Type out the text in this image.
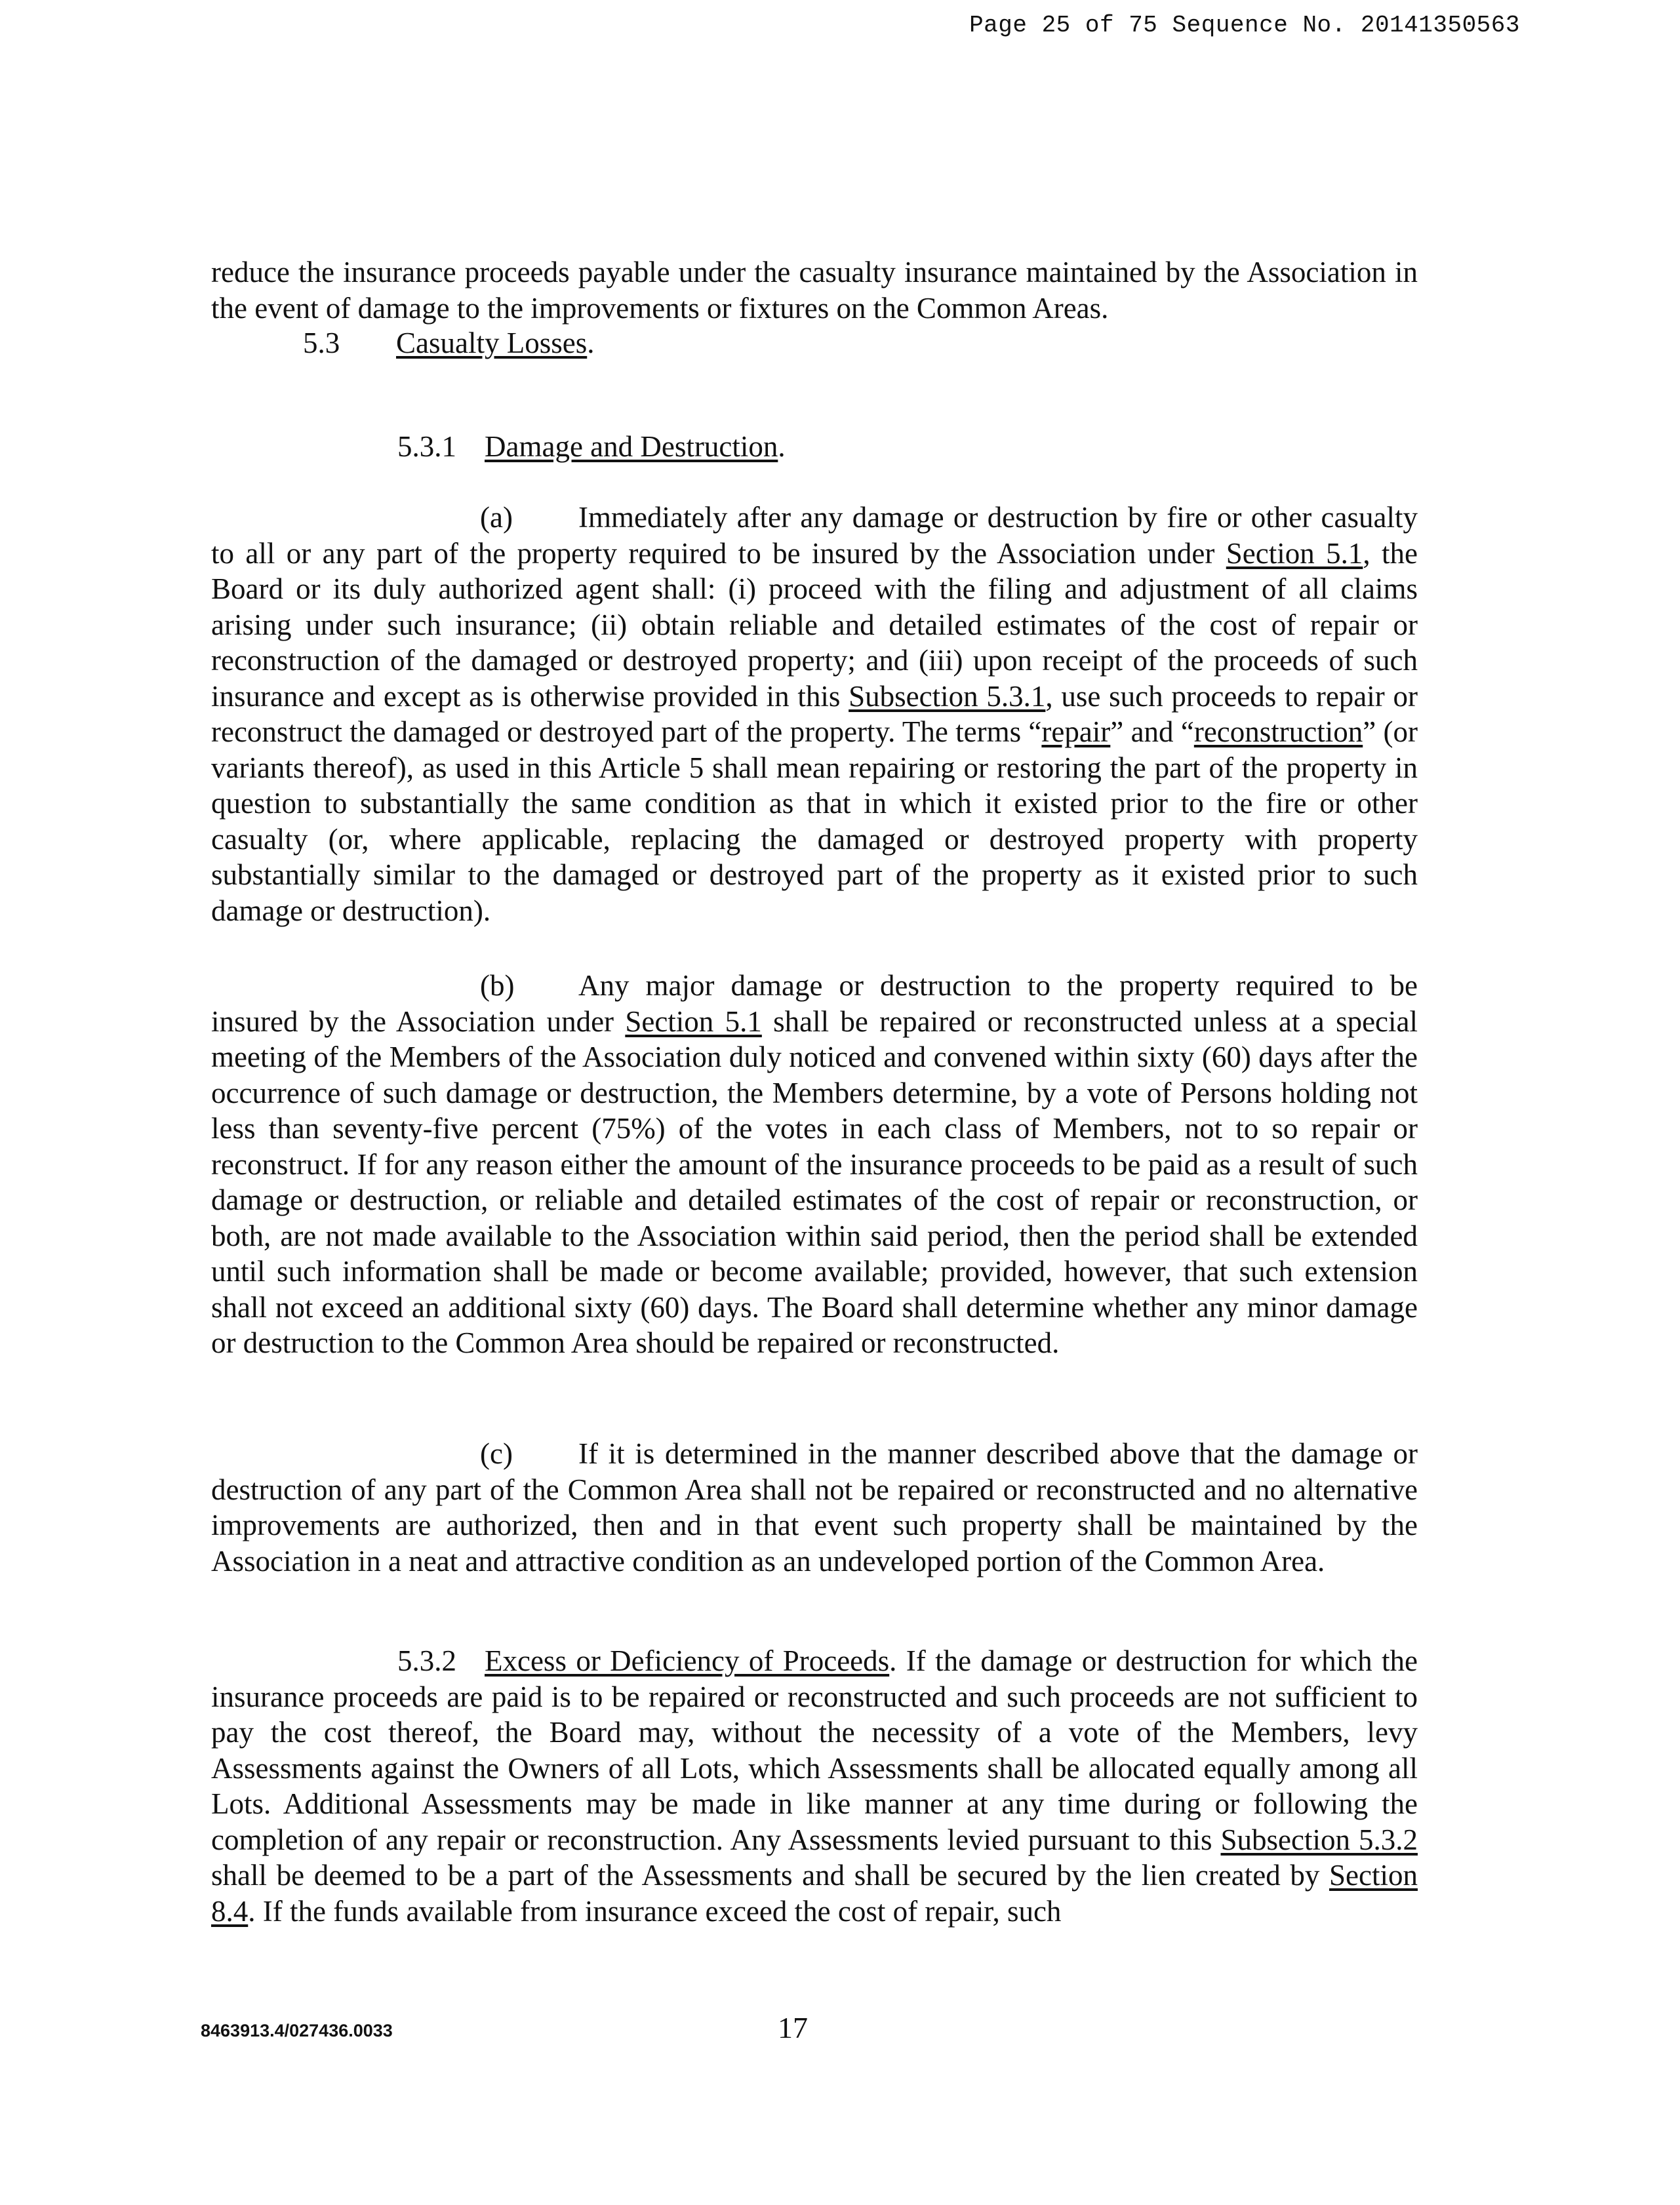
Page 25 of 75 Sequence No. 20141350563

reduce the insurance proceeds payable under the casualty insurance maintained by the Association in the event of damage to the improvements or fixtures on the Common Areas.

5.3 Casualty Losses.
5.3.1 Damage and Destruction.

(a) Immediately after any damage or destruction by fire or other casualty to all or any part of the property required to be insured by the Association under Section 5.1, the Board or its duly authorized agent shall: (i) proceed with the filing and adjustment of all claims arising under such insurance; (ii) obtain reliable and detailed estimates of the cost of repair or reconstruction of the damaged or destroyed property; and (iii) upon receipt of the proceeds of such insurance and except as is otherwise provided in this Subsection 5.3.1, use such proceeds to repair or reconstruct the damaged or destroyed part of the property. The terms “repair” and “reconstruction” (or variants thereof), as used in this Article 5 shall mean repairing or restoring the part of the property in question to substantially the same condition as that in which it existed prior to the fire or other casualty (or, where applicable, replacing the damaged or destroyed property with property substantially similar to the damaged or destroyed part of the property as it existed prior to such damage or destruction).

(b) Any major damage or destruction to the property required to be insured by the Association under Section 5.1 shall be repaired or reconstructed unless at a special meeting of the Members of the Association duly noticed and convened within sixty (60) days after the occurrence of such damage or destruction, the Members determine, by a vote of Persons holding not less than seventy-five percent (75%) of the votes in each class of Members, not to so repair or reconstruct. If for any reason either the amount of the insurance proceeds to be paid as a result of such damage or destruction, or reliable and detailed estimates of the cost of repair or reconstruction, or both, are not made available to the Association within said period, then the period shall be extended until such information shall be made or become available; provided, however, that such extension shall not exceed an additional sixty (60) days. The Board shall determine whether any minor damage or destruction to the Common Area should be repaired or reconstructed.

(c) If it is determined in the manner described above that the damage or destruction of any part of the Common Area shall not be repaired or reconstructed and no alternative improvements are authorized, then and in that event such property shall be maintained by the Association in a neat and attractive condition as an undeveloped portion of the Common Area.

5.3.2 Excess or Deficiency of Proceeds. If the damage or destruction for which the insurance proceeds are paid is to be repaired or reconstructed and such proceeds are not sufficient to pay the cost thereof, the Board may, without the necessity of a vote of the Members, levy Assessments against the Owners of all Lots, which Assessments shall be allocated equally among all Lots. Additional Assessments may be made in like manner at any time during or following the completion of any repair or reconstruction. Any Assessments levied pursuant to this Subsection 5.3.2 shall be deemed to be a part of the Assessments and shall be secured by the lien created by Section 8.4. If the funds available from insurance exceed the cost of repair, such

8463913.4/027436.0033	17
